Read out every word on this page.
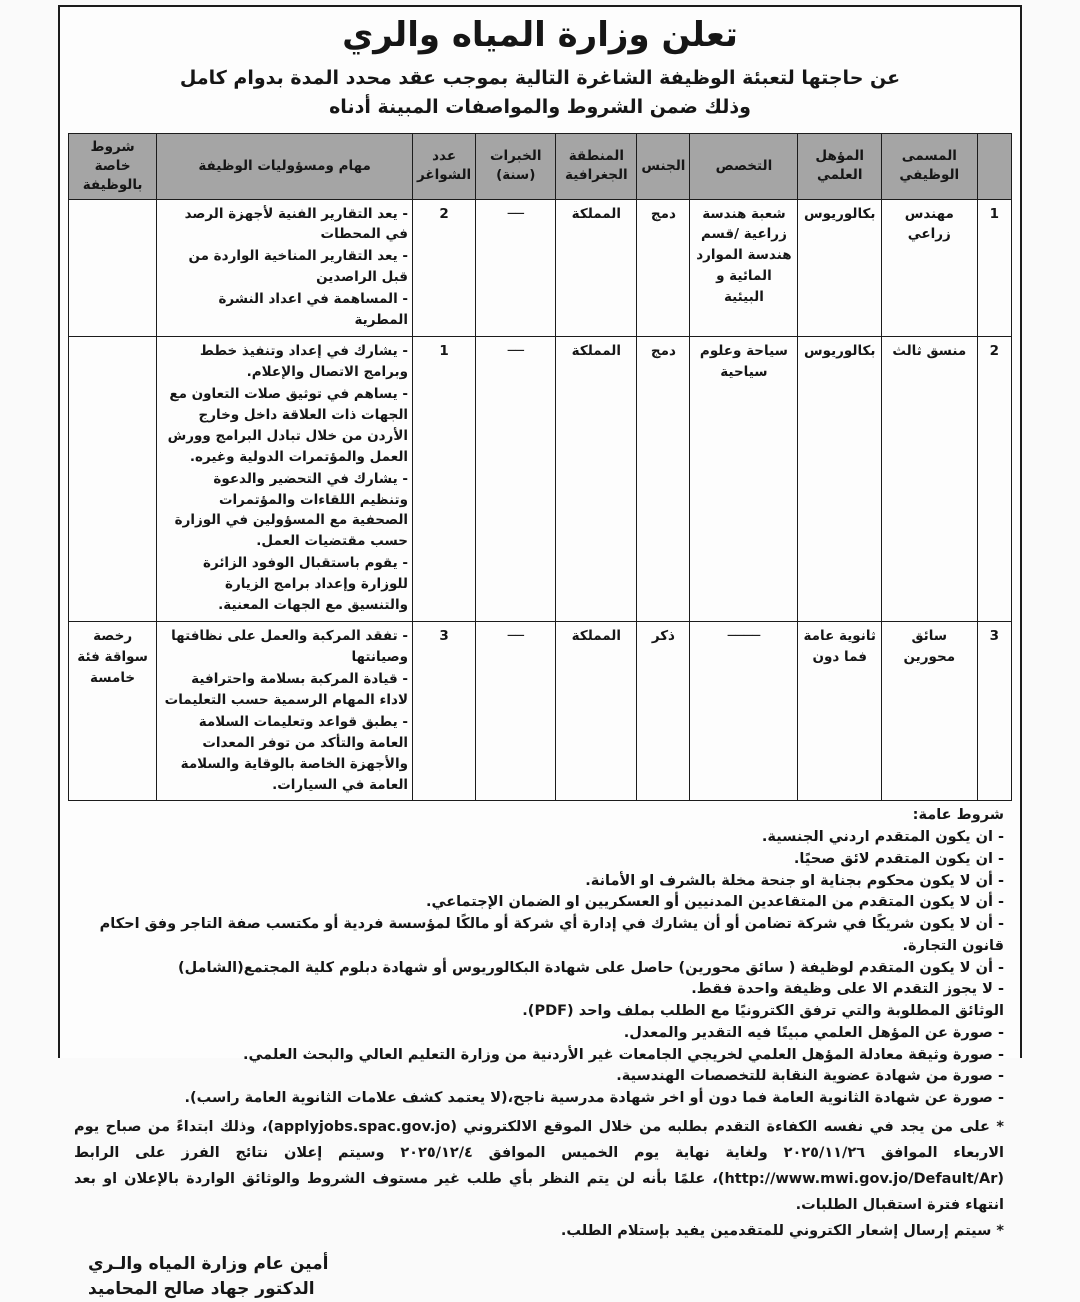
تعلن وزارة المياه والري
عن حاجتها لتعبئة الوظيفة الشاغرة التالية بموجب عقد محدد المدة بدوام كامل
وذلك ضمن الشروط والمواصفات المبينة أدناه
	المسمى الوظيفي	المؤهل العلمي	التخصص	الجنس	المنطقة الجغرافية	الخبرات (سنة)	عدد الشواغر	مهام ومسؤوليات الوظيفة	شروط خاصة بالوظيفة
1	مهندس زراعي	بكالوريوس	شعبة هندسة زراعية /قسم هندسة الموارد المائية و البيئية	دمج	المملكة	──	2	- يعد التقارير الفنية لأجهزة الرصد في المحطات
- يعد التقارير المناخية الواردة من قبل الراصدين
- المساهمة في اعداد النشرة المطرية	

2	منسق ثالث	بكالوريوس	سياحة وعلوم سياحية	دمج	المملكة	──	1	- يشارك في إعداد وتنفيذ خطط وبرامج الاتصال والإعلام.
- يساهم في توثيق صلات التعاون مع الجهات ذات العلاقة داخل وخارج الأردن من خلال تبادل البرامج وورش العمل والمؤتمرات الدولية وغيره.
- يشارك في التحضير والدعوة وتنظيم اللقاءات والمؤتمرات الصحفية مع المسؤولين في الوزارة حسب مقتضيات العمل.
- يقوم باستقبال الوفود الزائرة للوزارة وإعداد برامج الزيارة والتنسيق مع الجهات المعنية.	

3	سائق محورين	ثانوية عامة فما دون	────	ذكر	المملكة	──	3	- تفقد المركبة والعمل على نظافتها وصيانتها
- قيادة المركبة بسلامة واحترافية لاداء المهام الرسمية حسب التعليمات
- يطبق قواعد وتعليمات السلامة العامة والتأكد من توفر المعدات والأجهزة الخاصة بالوقاية والسلامة العامة في السيارات.	رخصة سواقة فئة خامسة
شروط عامة:
- ان يكون المتقدم اردني الجنسية.
- ان يكون المتقدم لائق صحيًا.
- أن لا يكون محكوم بجناية او جنحة مخلة بالشرف او الأمانة.
- أن لا يكون المتقدم من المتقاعدين المدنيين أو العسكريين او الضمان الإجتماعي.
- أن لا يكون شريكًا في شركة تضامن أو أن يشارك في إدارة أي شركة أو مالكًا لمؤسسة فردية أو مكتسب صفة التاجر وفق احكام قانون التجارة.
- أن لا يكون المتقدم لوظيفة ( سائق محورين) حاصل على شهادة البكالوريوس أو شهادة دبلوم كلية المجتمع(الشامل)
- لا يجوز التقدم الا على وظيفة واحدة فقط.
الوثائق المطلوبة والتي ترفق الكترونيًا مع الطلب بملف واحد (PDF).
- صورة عن المؤهل العلمي مبينًا فيه التقدير والمعدل.
- صورة وثيقة معادلة المؤهل العلمي لخريجي الجامعات غير الأردنية من وزارة التعليم العالي والبحث العلمي.
- صورة من شهادة عضوية النقابة للتخصصات الهندسية.
- صورة عن شهادة الثانوية العامة فما دون أو اخر شهادة مدرسية ناجح،(لا يعتمد كشف علامات الثانوية العامة راسب).
* على من يجد في نفسه الكفاءة التقدم بطلبه من خلال الموقع الالكتروني (applyjobs.spac.gov.jo)، وذلك ابتداءً من صباح يوم الاربعاء الموافق ٢٠٢٥/١١/٢٦ ولغاية نهاية يوم الخميس الموافق ٢٠٢٥/١٢/٤ وسيتم إعلان نتائج الفرز على الرابط (http://www.mwi.gov.jo/Default/Ar)، علمًا بأنه لن يتم النظر بأي طلب غير مستوف الشروط والوثائق الواردة بالإعلان او بعد انتهاء فترة استقبال الطلبات.
* سيتم إرسال إشعار الكتروني للمتقدمين يفيد بإستلام الطلب.
أمين عام وزارة المياه والـري
الدكتور جهاد صالح المحاميد
